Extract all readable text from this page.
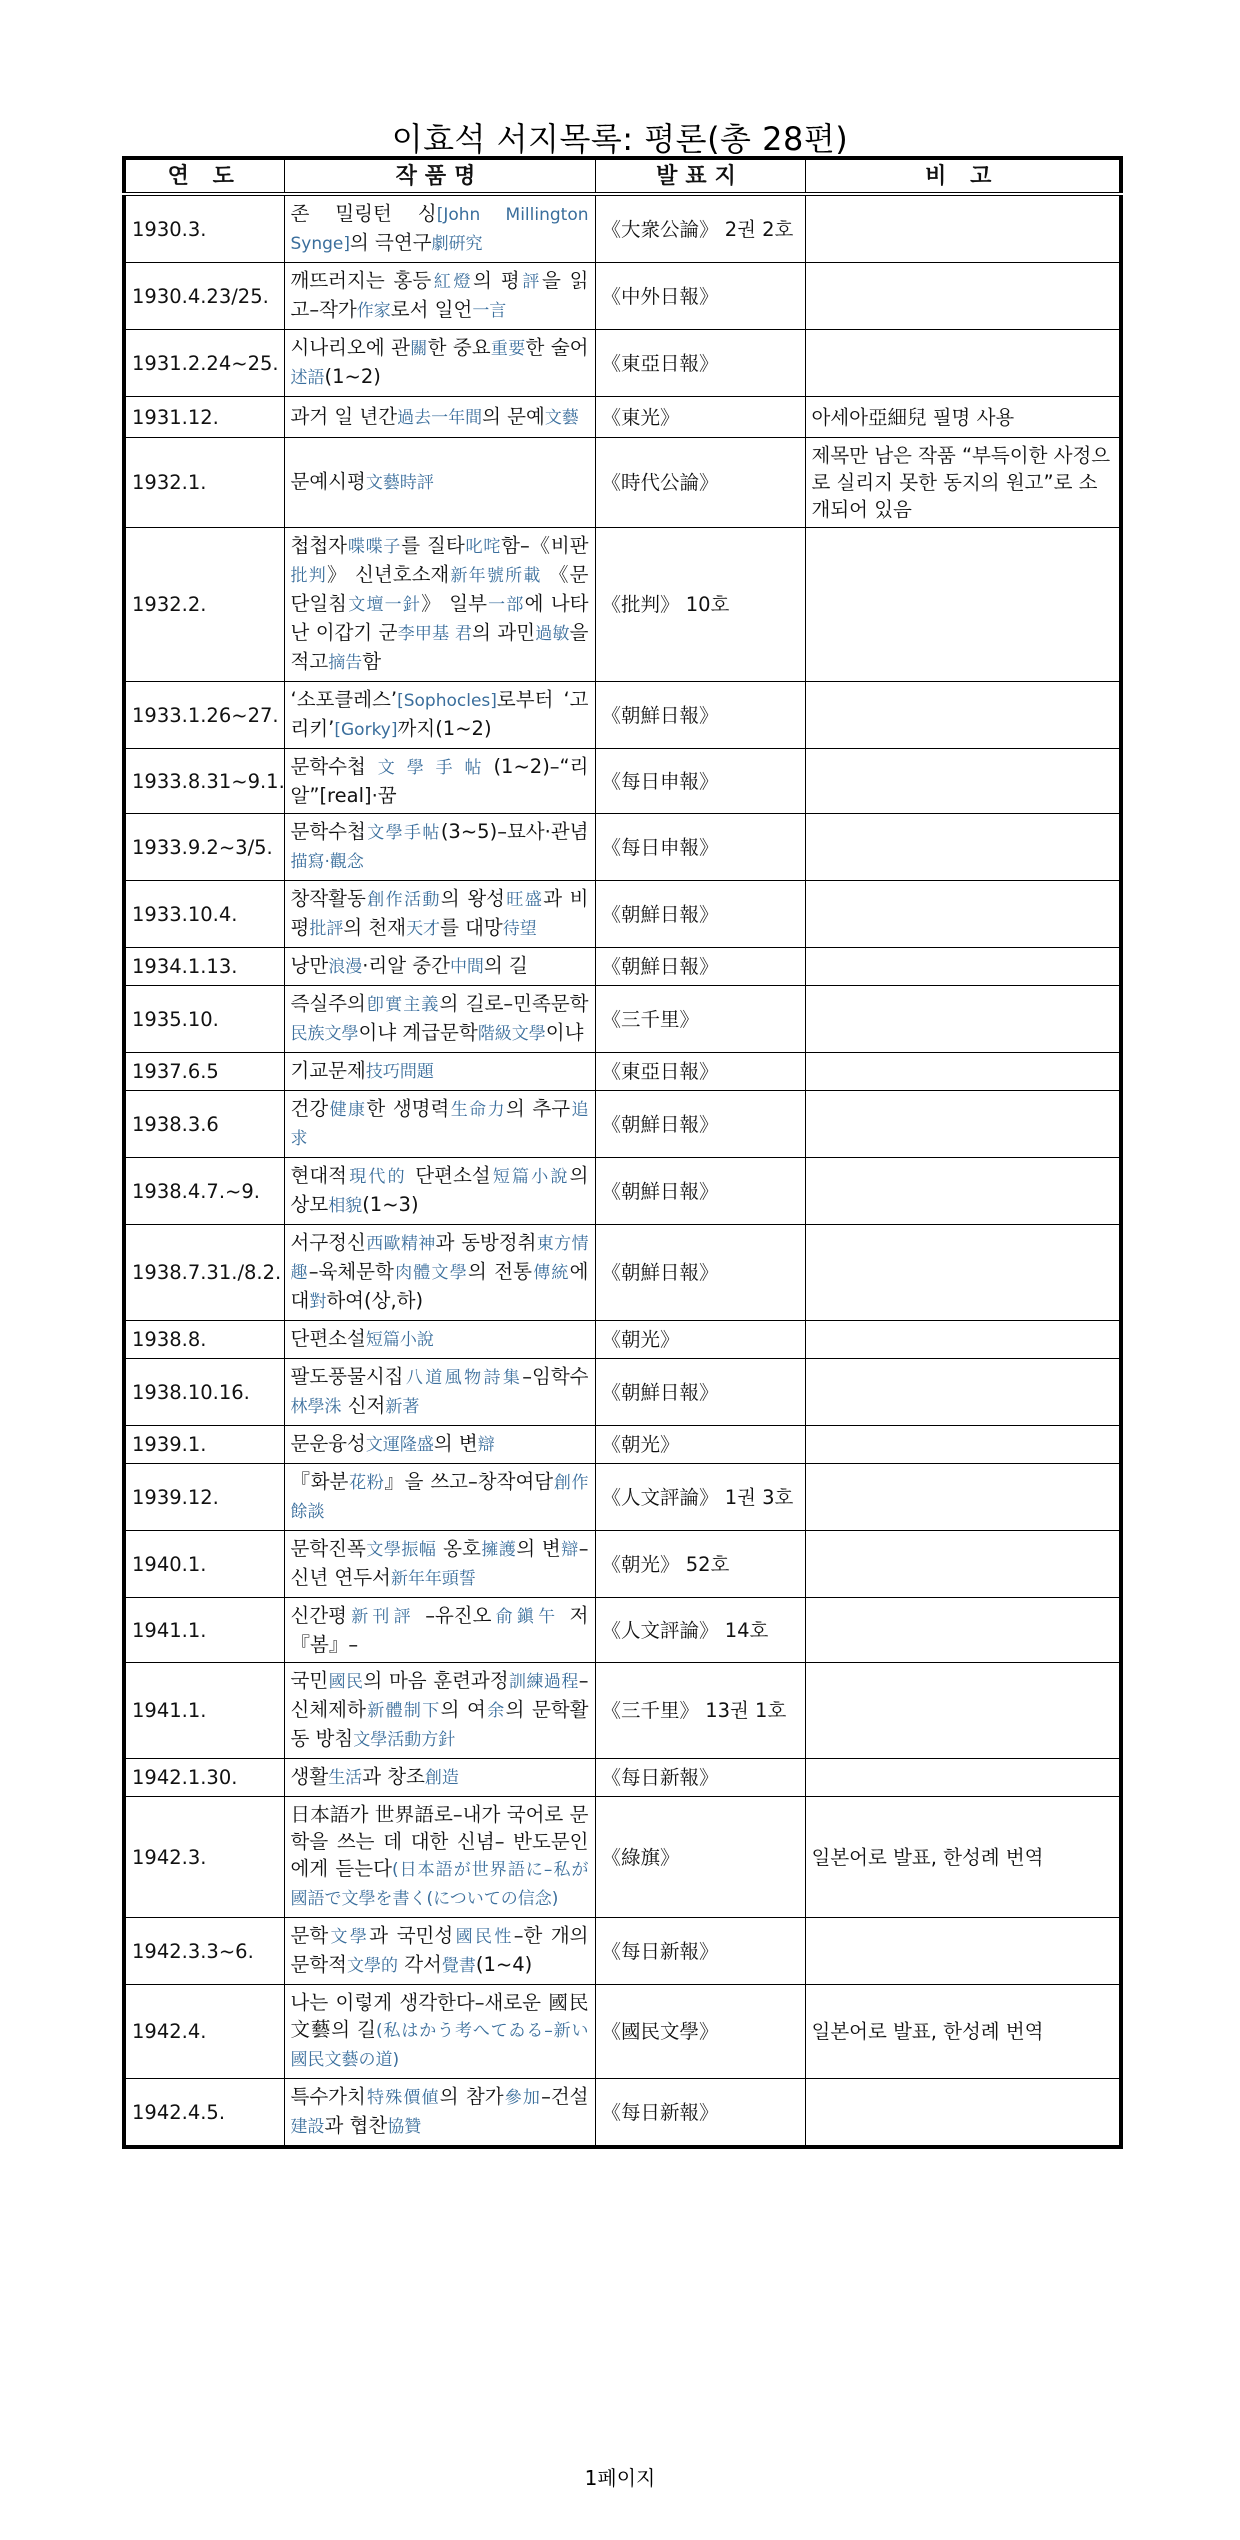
이효석 서지목록: 평론(총 28편)
연 도	작품명	발표지	비 고
1930.3.	존 밀링턴 싱[John Millington Synge]의 극연구劇硏究	《大衆公論》 2권 2호	
1930.4.23/25.	깨뜨러지는 홍등紅燈의 평評을 읽고–작가作家로서 일언一言	《中外日報》	
1931.2.24~25.	시나리오에 관關한 중요重要한 술어述語(1~2)	《東亞日報》	
1931.12.	과거 일 년간過去一年間의 문예文藝	《東光》	아세아亞細兒 필명 사용
1932.1.	문예시평文藝時評	《時代公論》	제목만 남은 작품 “부득이한 사정으로 실리지 못한 동지의 원고”로 소개되어 있음
1932.2.	첩첩자喋喋子를 질타叱咤함–《비판批判》 신년호소재新年號所載 《문단일침文壇一針》 일부一部에 나타난 이갑기 군李甲基 君의 과민過敏을 적고摘告함	《批判》 10호	
1933.1.26~27.	‘소포클레스’[Sophocles]로부터 ‘고리키’[Gorky]까지(1~2)	《朝鮮日報》	
1933.8.31~9.1.	문학수첩文學手帖(1~2)–“리알”[real]·꿈	《每日申報》	
1933.9.2~3/5.	문학수첩文學手帖(3~5)–묘사·관념描寫·觀念	《每日申報》	
1933.10.4.	창작활동創作活動의 왕성旺盛과 비평批評의 천재天才를 대망待望	《朝鮮日報》	
1934.1.13.	낭만浪漫·리알 중간中間의 길	《朝鮮日報》	
1935.10.	즉실주의卽實主義의 길로–민족문학民族文學이냐 계급문학階級文學이냐	《三千里》	
1937.6.5	기교문제技巧問題	《東亞日報》	
1938.3.6	건강健康한 생명력生命力의 추구追求	《朝鮮日報》	
1938.4.7.~9.	현대적現代的 단편소설短篇小說의 상모相貌(1~3)	《朝鮮日報》	
1938.7.31./8.2.	서구정신西歐精神과 동방정취東方情趣–육체문학肉體文學의 전통傳統에 대對하여(상,하)	《朝鮮日報》	
1938.8.	단편소설短篇小說	《朝光》	
1938.10.16.	팔도풍물시집八道風物詩集–임학수林學洙 신저新著	《朝鮮日報》	
1939.1.	문운융성文運隆盛의 변辯	《朝光》	
1939.12.	『화분花粉』을 쓰고–창작여담創作餘談	《人文評論》 1권 3호	
1940.1.	문학진폭文學振幅 옹호擁護의 변辯–신년 연두서新年年頭誓	《朝光》 52호	
1941.1.	신간평新刊評 –유진오俞鎭午 저 『봄』–	《人文評論》 14호	
1941.1.	국민國民의 마음 훈련과정訓練過程–신체제하新體制下의 여余의 문학활동 방침文學活動方針	《三千里》 13권 1호	
1942.1.30.	생활生活과 창조創造	《每日新報》	
1942.3.	日本語가 世界語로–내가 국어로 문학을 쓰는 데 대한 신념– 반도문인에게 듣는다(日本語が世界語に–私が國語で文學を書く(についての信念)	《綠旗》	일본어로 발표, 한성례 번역
1942.3.3~6.	문학文學과 국민성國民性–한 개의 문학적文學的 각서覺書(1~4)	《每日新報》	
1942.4.	나는 이렇게 생각한다–새로운 國民文藝의 길(私はかう考へてゐる–新い國民文藝の道)	《國民文學》	일본어로 발표, 한성례 번역
1942.4.5.	특수가치特殊價値의 참가參加–건설建設과 협찬協贊	《每日新報》	
1페이지
